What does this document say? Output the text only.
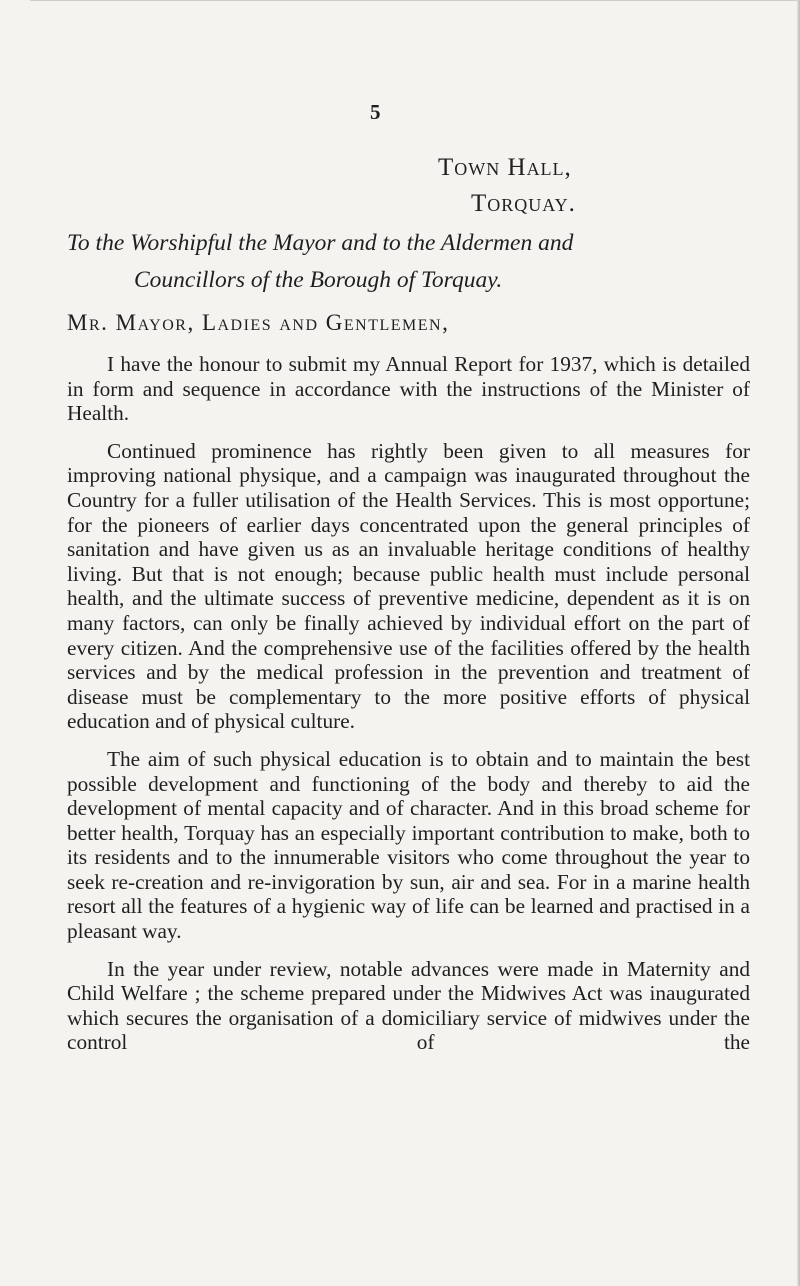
5
Town Hall,
Torquay.
To the Worshipful the Mayor and to the Aldermen and
Councillors of the Borough of Torquay.
Mr. Mayor, Ladies and Gentlemen,

I have the honour to submit my Annual Report for 1937, which is detailed in form and sequence in accordance with the instructions of the Minister of Health.

Continued prominence has rightly been given to all measures for improving national physique, and a campaign was inaugurated throughout the Country for a fuller utilisation of the Health Services. This is most opportune; for the pioneers of earlier days concentrated upon the general principles of sanitation and have given us as an invaluable heritage conditions of healthy living. But that is not enough; because public health must include personal health, and the ultimate success of preventive medicine, dependent as it is on many factors, can only be finally achieved by individual effort on the part of every citizen. And the comprehensive use of the facilities offered by the health services and by the medical profession in the prevention and treatment of disease must be complementary to the more positive efforts of physical education and of physical culture.

The aim of such physical education is to obtain and to maintain the best possible development and functioning of the body and thereby to aid the development of mental capacity and of character. And in this broad scheme for better health, Torquay has an especially important contribution to make, both to its residents and to the innumerable visitors who come throughout the year to seek re-creation and re-invigoration by sun, air and sea. For in a marine health resort all the features of a hygienic way of life can be learned and practised in a pleasant way.

In the year under review, notable advances were made in Maternity and Child Welfare ; the scheme prepared under the Midwives Act was inaugurated which secures the organisation of a domiciliary service of midwives under the control of the
